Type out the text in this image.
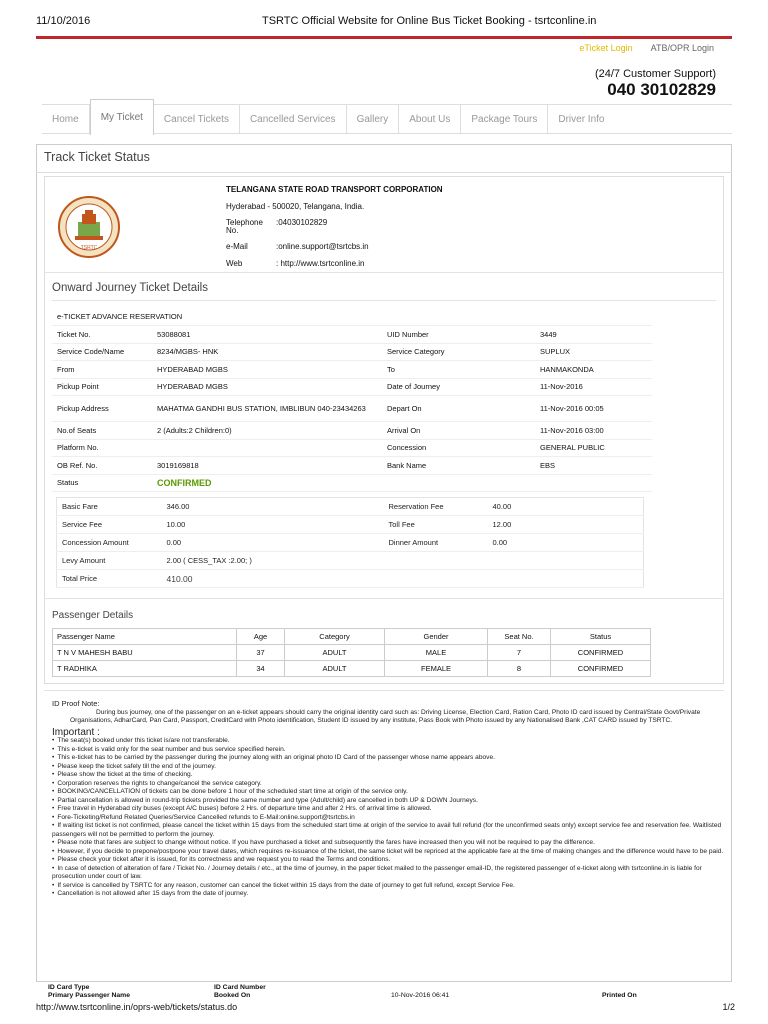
11/10/2016	TSRTC Official Website for Online Bus Ticket Booking - tsrtconline.in
eTicket Login ATB/OPR Login
(24/7 Customer Support)
040 30102829
Home	My Ticket	Cancel Tickets	Cancelled Services	Gallery	About Us	Package Tours	Driver Info
Track Ticket Status
TSRTC
TELANGANA STATE ROAD TRANSPORT CORPORATION
Hyderabad - 500020, Telangana, India.
Telephone No.
:04030102829
e-Mail	:online.support@tsrtcbs.in
Web	: http://www.tsrtconline.in
Onward Journey Ticket Details
e-TICKET ADVANCE RESERVATION			
Ticket No.	53088081	UID Number	3449
Service Code/Name	8234/MGBS- HNK	Service Category	SUPLUX
From	HYDERABAD MGBS	To	HANMAKONDA
Pickup Point	HYDERABAD MGBS	Date of Journey	11-Nov-2016
Pickup Address	MAHATMA GANDHI BUS STATION, IMBLIBUN 040-23434263	Depart On	11-Nov-2016 00:05
No.of Seats	2 (Adults:2 Children:0)	Arrival On	11-Nov-2016 03:00
Platform No.		Concession	GENERAL PUBLIC
OB Ref. No.	3019169818	Bank Name	EBS
Status	CONFIRMED		
Basic Fare	346.00	Reservation Fee	40.00
Service Fee	10.00	Toll Fee	12.00
Concession Amount	0.00	Dinner Amount	0.00
Levy Amount	2.00 ( CESS_TAX :2.00; )		
Total Price	410.00		
Passenger Details
Passenger Name	Age	Category	Gender	Seat No.	Status
T N V MAHESH BABU	37	ADULT	MALE	7	CONFIRMED
T RADHIKA	34	ADULT	FEMALE	8	CONFIRMED
ID Proof Note:
During bus journey, one of the passenger on an e-ticket appears should carry the original identity card such as: Driving License, Election Card, Ration Card, Photo ID card issued by Central/State Govt/Private Organisations, AdharCard, Pan Card, Passport, CreditCard with Photo identification, Student ID issued by any institute, Pass Book with Photo issued by any Nationalised Bank ,CAT CARD issued by TSRTC.
Important :
• The seat(s) booked under this ticket is/are not transferable.
• This e-ticket is valid only for the seat number and bus service specified herein.
• This e-ticket has to be carried by the passenger during the journey along with an original photo ID Card of the passenger whose name appears above.
• Please keep the ticket safely till the end of the journey.
• Please show the ticket at the time of checking.
• Corporation reserves the rights to change/cancel the service category.
• BOOKING/CANCELLATION of tickets can be done before 1 hour of the scheduled start time at origin of the service only.
• Partial cancellation is allowed in round-trip tickets provided the same number and type (Adult/child) are cancelled in both UP & DOWN Journeys.
• Free travel in Hyderabad city buses (except A/C buses) before 2 Hrs. of departure time and after 2 Hrs. of arrival time is allowed.
• Fore-Ticketing/Refund Related Queries/Service Cancelled refunds to E-Mail:online.support@tsrtcbs.in
• If waiting list ticket is not confirmed, please cancel the ticket within 15 days from the scheduled start time at origin of the service to avail full refund (for the unconfirmed seats only) except service fee and reservation fee. Waitlisted passengers will not be permitted to perform the journey.
• Please note that fares are subject to change without notice. If you have purchased a ticket and subsequently the fares have increased then you will not be required to pay the difference.
• However, if you decide to prepone/postpone your travel dates, which requires re-issuance of the ticket, the same ticket will be repriced at the applicable fare at the time of making changes and the difference would have to be paid.
• Please check your ticket after it is issued, for its correctness and we request you to read the Terms and conditions.
• In case of detection of alteration of fare / Ticket No. / Journey details / etc., at the time of journey, in the paper ticket mailed to the passenger email-ID, the registered passenger of e-ticket along with tsrtconline.in is liable for prosecution under court of law.
• If service is cancelled by TSRTC for any reason, customer can cancel the ticket within 15 days from the date of journey to get full refund, except Service Fee.
• Cancellation is not allowed after 15 days from the date of journey.
ID Card Type	ID Card Number
Primary Passenger Name	Booked On	10-Nov-2016 06:41	Printed On
http://www.tsrtconline.in/oprs-web/tickets/status.do	1/2
